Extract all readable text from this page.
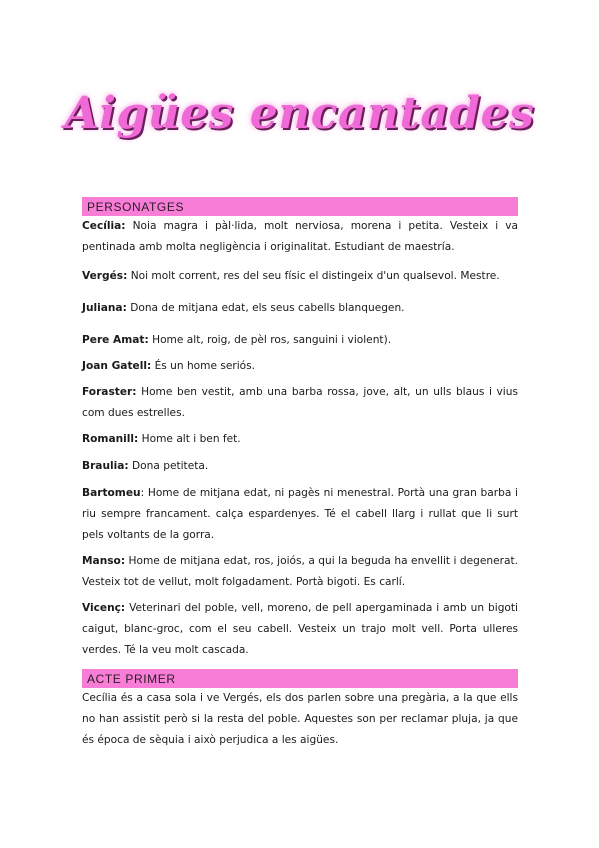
Aigües encantades
PERSONATGES

Cecília: Noia magra i pàl·lida, molt nerviosa, morena i petita. Vesteix i va pentinada amb molta negligència i originalitat. Estudiant de maestría.

Vergés: Noi molt corrent, res del seu físic el distingeix d'un qualsevol. Mestre.

Juliana: Dona de mitjana edat, els seus cabells blanquegen.

Pere Amat: Home alt, roig, de pèl ros, sanguini i violent).

Joan Gatell: És un home seriós.

Foraster: Home ben vestit, amb una barba rossa, jove, alt, un ulls blaus i vius com dues estrelles.

Romanill: Home alt i ben fet.

Braulia: Dona petiteta.

Bartomeu: Home de mitjana edat, ni pagès ni menestral. Portà una gran barba i riu sempre francament. calça espardenyes. Té el cabell llarg i rullat que li surt pels voltants de la gorra.

Manso: Home de mitjana edat, ros, joiós, a qui la beguda ha envellit i degenerat. Vesteix tot de vellut, molt folgadament. Portà bigoti. Es carlí.

Vicenç: Veterinari del poble, vell, moreno, de pell apergaminada i amb un bigoti caigut, blanc-groc, com el seu cabell. Vesteix un trajo molt vell. Porta ulleres verdes. Té la veu molt cascada.

ACTE PRIMER

Cecília és a casa sola i ve Vergés, els dos parlen sobre una pregària, a la que ells no han assistit però si la resta del poble. Aquestes son per reclamar pluja, ja que és época de sèquia i això perjudica a les aigües.
